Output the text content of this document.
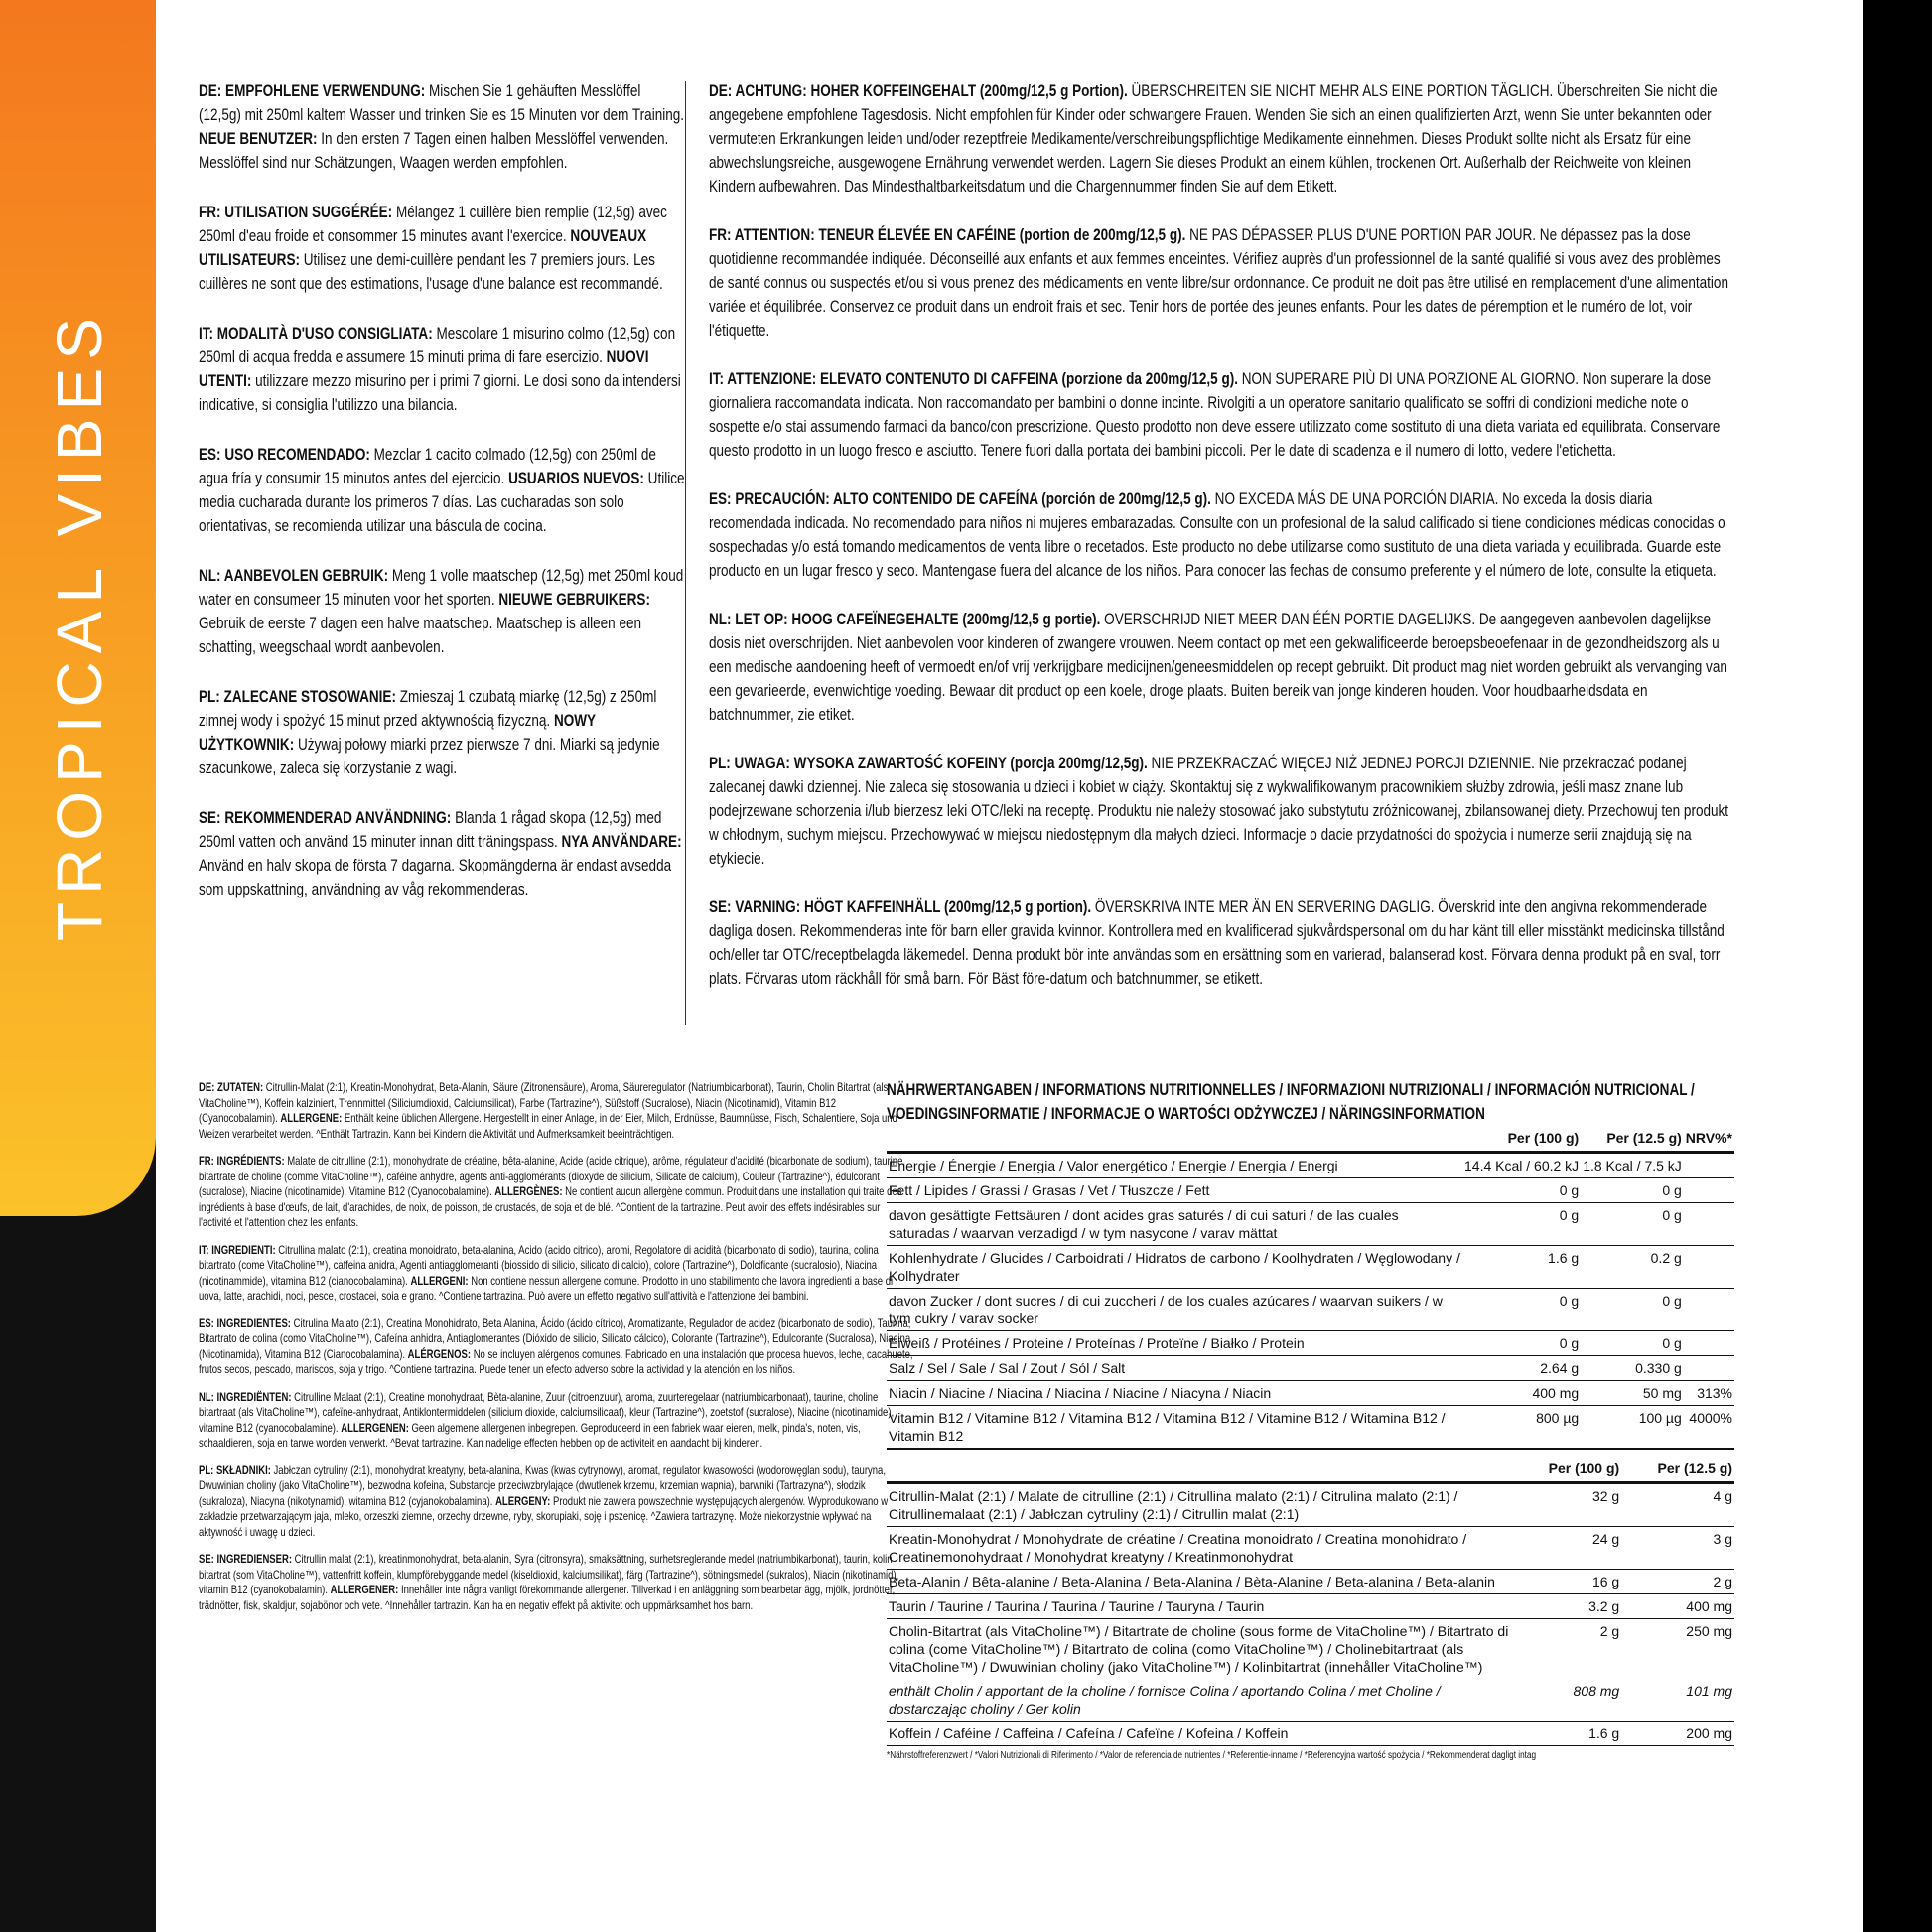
TROPICAL VIBES

DE: EMPFOHLENE VERWENDUNG: Mischen Sie 1 gehäuften Messlöffel (12,5g) mit 250ml kaltem Wasser und trinken Sie es 15 Minuten vor dem Training. NEUE BENUTZER: In den ersten 7 Tagen einen halben Messlöffel verwenden. Messlöffel sind nur Schätzungen, Waagen werden empfohlen.

FR: UTILISATION SUGGÉRÉE: Mélangez 1 cuillère bien remplie (12,5g) avec 250ml d'eau froide et consommer 15 minutes avant l'exercice. NOUVEAUX UTILISATEURS: Utilisez une demi-cuillère pendant les 7 premiers jours. Les cuillères ne sont que des estimations, l'usage d'une balance est recommandé.

IT: MODALITÀ D'USO CONSIGLIATA: Mescolare 1 misurino colmo (12,5g) con 250ml di acqua fredda e assumere 15 minuti prima di fare esercizio. NUOVI UTENTI: utilizzare mezzo misurino per i primi 7 giorni. Le dosi sono da intendersi indicative, si consiglia l'utilizzo una bilancia.

ES: USO RECOMENDADO: Mezclar 1 cacito colmado (12,5g) con 250ml de agua fría y consumir 15 minutos antes del ejercicio. USUARIOS NUEVOS: Utilice media cucharada durante los primeros 7 días. Las cucharadas son solo orientativas, se recomienda utilizar una báscula de cocina.

NL: AANBEVOLEN GEBRUIK: Meng 1 volle maatschep (12,5g) met 250ml koud water en consumeer 15 minuten voor het sporten. NIEUWE GEBRUIKERS: Gebruik de eerste 7 dagen een halve maatschep. Maatschep is alleen een schatting, weegschaal wordt aanbevolen.

PL: ZALECANE STOSOWANIE: Zmieszaj 1 czubatą miarkę (12,5g) z 250ml zimnej wody i spożyć 15 minut przed aktywnością fizyczną. NOWY UŻYTKOWNIK: Używaj połowy miarki przez pierwsze 7 dni. Miarki są jedynie szacunkowe, zaleca się korzystanie z wagi.

SE: REKOMMENDERAD ANVÄNDNING: Blanda 1 rågad skopa (12,5g) med 250ml vatten och använd 15 minuter innan ditt träningspass. NYA ANVÄNDARE: Använd en halv skopa de första 7 dagarna. Skopmängderna är endast avsedda som uppskattning, användning av våg rekommenderas.

DE: ACHTUNG: HOHER KOFFEINGEHALT (200mg/12,5 g Portion). ÜBERSCHREITEN SIE NICHT MEHR ALS EINE PORTION TÄGLICH. Überschreiten Sie nicht die angegebene empfohlene Tagesdosis. Nicht empfohlen für Kinder oder schwangere Frauen. Wenden Sie sich an einen qualifizierten Arzt, wenn Sie unter bekannten oder vermuteten Erkrankungen leiden und/oder rezeptfreie Medikamente/verschreibungspflichtige Medikamente einnehmen. Dieses Produkt sollte nicht als Ersatz für eine abwechslungsreiche, ausgewogene Ernährung verwendet werden. Lagern Sie dieses Produkt an einem kühlen, trockenen Ort. Außerhalb der Reichweite von kleinen Kindern aufbewahren. Das Mindesthaltbarkeitsdatum und die Chargennummer finden Sie auf dem Etikett.

FR: ATTENTION: TENEUR ÉLEVÉE EN CAFÉINE (portion de 200mg/12,5 g). NE PAS DÉPASSER PLUS D'UNE PORTION PAR JOUR. Ne dépassez pas la dose quotidienne recommandée indiquée. Déconseillé aux enfants et aux femmes enceintes. Vérifiez auprès d'un professionnel de la santé qualifié si vous avez des problèmes de santé connus ou suspectés et/ou si vous prenez des médicaments en vente libre/sur ordonnance. Ce produit ne doit pas être utilisé en remplacement d'une alimentation variée et équilibrée. Conservez ce produit dans un endroit frais et sec. Tenir hors de portée des jeunes enfants. Pour les dates de péremption et le numéro de lot, voir l'étiquette.

IT: ATTENZIONE: ELEVATO CONTENUTO DI CAFFEINA (porzione da 200mg/12,5 g). NON SUPERARE PIÙ DI UNA PORZIONE AL GIORNO. Non superare la dose giornaliera raccomandata indicata. Non raccomandato per bambini o donne incinte. Rivolgiti a un operatore sanitario qualificato se soffri di condizioni mediche note o sospette e/o stai assumendo farmaci da banco/con prescrizione. Questo prodotto non deve essere utilizzato come sostituto di una dieta variata ed equilibrata. Conservare questo prodotto in un luogo fresco e asciutto. Tenere fuori dalla portata dei bambini piccoli. Per le date di scadenza e il numero di lotto, vedere l'etichetta.

ES: PRECAUCIÓN: ALTO CONTENIDO DE CAFEÍNA (porción de 200mg/12,5 g). NO EXCEDA MÁS DE UNA PORCIÓN DIARIA. No exceda la dosis diaria recomendada indicada. No recomendado para niños ni mujeres embarazadas. Consulte con un profesional de la salud calificado si tiene condiciones médicas conocidas o sospechadas y/o está tomando medicamentos de venta libre o recetados. Este producto no debe utilizarse como sustituto de una dieta variada y equilibrada. Guarde este producto en un lugar fresco y seco. Mantengase fuera del alcance de los niños. Para conocer las fechas de consumo preferente y el número de lote, consulte la etiqueta.

NL: LET OP: HOOG CAFEÏNEGEHALTE (200mg/12,5 g portie). OVERSCHRIJD NIET MEER DAN ÉÉN PORTIE DAGELIJKS. De aangegeven aanbevolen dagelijkse dosis niet overschrijden. Niet aanbevolen voor kinderen of zwangere vrouwen. Neem contact op met een gekwalificeerde beroepsbeoefenaar in de gezondheidszorg als u een medische aandoening heeft of vermoedt en/of vrij verkrijgbare medicijnen/geneesmiddelen op recept gebruikt. Dit product mag niet worden gebruikt als vervanging van een gevarieerde, evenwichtige voeding. Bewaar dit product op een koele, droge plaats. Buiten bereik van jonge kinderen houden. Voor houdbaarheidsdata en batchnummer, zie etiket.

PL: UWAGA: WYSOKA ZAWARTOŚĆ KOFEINY (porcja 200mg/12,5g). NIE PRZEKRACZAĆ WIĘCEJ NIŻ JEDNEJ PORCJI DZIENNIE. Nie przekraczać podanej zalecanej dawki dziennej. Nie zaleca się stosowania u dzieci i kobiet w ciąży. Skontaktuj się z wykwalifikowanym pracownikiem służby zdrowia, jeśli masz znane lub podejrzewane schorzenia i/lub bierzesz leki OTC/leki na receptę. Produktu nie należy stosować jako substytutu zróżnicowanej, zbilansowanej diety. Przechowuj ten produkt w chłodnym, suchym miejscu. Przechowywać w miejscu niedostępnym dla małych dzieci. Informacje o dacie przydatności do spożycia i numerze serii znajdują się na etykiecie.

SE: VARNING: HÖGT KAFFEINHÄLL (200mg/12,5 g portion). ÖVERSKRIVA INTE MER ÄN EN SERVERING DAGLIG. Överskrid inte den angivna rekommenderade dagliga dosen. Rekommenderas inte för barn eller gravida kvinnor. Kontrollera med en kvalificerad sjukvårdspersonal om du har känt till eller misstänkt medicinska tillstånd och/eller tar OTC/receptbelagda läkemedel. Denna produkt bör inte användas som en ersättning som en varierad, balanserad kost. Förvara denna produkt på en sval, torr plats. Förvaras utom räckhåll för små barn. För Bäst före-datum och batchnummer, se etikett.

DE: ZUTATEN: Citrullin-Malat (2:1), Kreatin-Monohydrat, Beta-Alanin, Säure (Zitronensäure), Aroma, Säureregulator (Natriumbicarbonat), Taurin, Cholin Bitartrat (als VitaCholine™), Koffein kalziniert, Trennmittel (Siliciumdioxid, Calciumsilicat), Farbe (Tartrazine^), Süßstoff (Sucralose), Niacin (Nicotinamid), Vitamin B12 (Cyanocobalamin). ALLERGENE: Enthält keine üblichen Allergene. Hergestellt in einer Anlage, in der Eier, Milch, Erdnüsse, Baumnüsse, Fisch, Schalentiere, Soja und Weizen verarbeitet werden. ^Enthält Tartrazin. Kann bei Kindern die Aktivität und Aufmerksamkeit beeinträchtigen.

FR: INGRÉDIENTS: Malate de citrulline (2:1), monohydrate de créatine, bêta-alanine, Acide (acide citrique), arôme, régulateur d'acidité (bicarbonate de sodium), taurine, bitartrate de choline (comme VitaCholine™), caféine anhydre, agents anti-agglomérants (dioxyde de silicium, Silicate de calcium), Couleur (Tartrazine^), édulcorant (sucralose), Niacine (nicotinamide), Vitamine B12 (Cyanocobalamine). ALLERGÈNES: Ne contient aucun allergène commun. Produit dans une installation qui traite des ingrédients à base d'œufs, de lait, d'arachides, de noix, de poisson, de crustacés, de soja et de blé. ^Contient de la tartrazine. Peut avoir des effets indésirables sur l'activité et l'attention chez les enfants.

IT: INGREDIENTI: Citrullina malato (2:1), creatina monoidrato, beta-alanina, Acido (acido citrico), aromi, Regolatore di acidità (bicarbonato di sodio), taurina, colina bitartrato (come VitaCholine™), caffeina anidra, Agenti antiagglomeranti (biossido di silicio, silicato di calcio), colore (Tartrazine^), Dolcificante (sucralosio), Niacina (nicotinammide), vitamina B12 (cianocobalamina). ALLERGENI: Non contiene nessun allergene comune. Prodotto in uno stabilimento che lavora ingredienti a base di uova, latte, arachidi, noci, pesce, crostacei, soia e grano. ^Contiene tartrazina. Può avere un effetto negativo sull'attività e l'attenzione dei bambini.

ES: INGREDIENTES: Citrulina Malato (2:1), Creatina Monohidrato, Beta Alanina, Ácido (ácido cítrico), Aromatizante, Regulador de acidez (bicarbonato de sodio), Taurina, Bitartrato de colina (como VitaCholine™), Cafeína anhidra, Antiaglomerantes (Dióxido de silicio, Silicato cálcico), Colorante (Tartrazine^), Edulcorante (Sucralosa), Niacina (Nicotinamida), Vitamina B12 (Cianocobalamina). ALÉRGENOS: No se incluyen alérgenos comunes. Fabricado en una instalación que procesa huevos, leche, cacahuete, frutos secos, pescado, mariscos, soja y trigo. ^Contiene tartrazina. Puede tener un efecto adverso sobre la actividad y la atención en los niños.

NL: INGREDIËNTEN: Citrulline Malaat (2:1), Creatine monohydraat, Bèta-alanine, Zuur (citroenzuur), aroma, zuurteregelaar (natriumbicarbonaat), taurine, choline bitartraat (als VitaCholine™), cafeïne-anhydraat, Antiklontermiddelen (silicium dioxide, calciumsilicaat), kleur (Tartrazine^), zoetstof (sucralose), Niacine (nicotinamide), vitamine B12 (cyanocobalamine). ALLERGENEN: Geen algemene allergenen inbegrepen. Geproduceerd in een fabriek waar eieren, melk, pinda's, noten, vis, schaaldieren, soja en tarwe worden verwerkt. ^Bevat tartrazine. Kan nadelige effecten hebben op de activiteit en aandacht bij kinderen.

PL: SKŁADNIKI: Jabłczan cytruliny (2:1), monohydrat kreatyny, beta-alanina, Kwas (kwas cytrynowy), aromat, regulator kwasowości (wodorowęglan sodu), tauryna, Dwuwinian choliny (jako VitaCholine™), bezwodna kofeina, Substancje przeciwzbrylające (dwutlenek krzemu, krzemian wapnia), barwniki (Tartrazyna^), słodzik (sukraloza), Niacyna (nikotynamid), witamina B12 (cyjanokobalamina). ALERGENY: Produkt nie zawiera powszechnie występujących alergenów. Wyprodukowano w zakładzie przetwarzającym jaja, mleko, orzeszki ziemne, orzechy drzewne, ryby, skorupiaki, soję i pszenicę. ^Zawiera tartrazynę. Może niekorzystnie wpływać na aktywność i uwagę u dzieci.

SE: INGREDIENSER: Citrullin malat (2:1), kreatinmonohydrat, beta-alanin, Syra (citronsyra), smaksättning, surhetsreglerande medel (natriumbikarbonat), taurin, kolin bitartrat (som VitaCholine™), vattenfritt koffein, klumpförebyggande medel (kiseldioxid, kalciumsilikat), färg (Tartrazine^), sötningsmedel (sukralos), Niacin (nikotinamid), vitamin B12 (cyanokobalamin). ALLERGENER: Innehåller inte några vanligt förekommande allergener. Tillverkad i en anläggning som bearbetar ägg, mjölk, jordnötter, trädnötter, fisk, skaldjur, sojabönor och vete. ^Innehåller tartrazin. Kan ha en negativ effekt på aktivitet och uppmärksamhet hos barn.

NÄHRWERTANGABEN / INFORMATIONS NUTRITIONNELLES / INFORMAZIONI NUTRIZIONALI / INFORMACIÓN NUTRICIONAL / VOEDINGSINFORMATIE / INFORMACJE O WARTOŚCI ODŻYWCZEJ / NÄRINGSINFORMATION
	Per (100 g)	Per (12.5 g)	NRV%*
Energie / Énergie / Energia / Valor energético / Energie / Energia / Energi	14.4 Kcal / 60.2 kJ	1.8 Kcal / 7.5 kJ	
Fett / Lipides / Grassi / Grasas / Vet / Tłuszcze / Fett	0 g	0 g	
davon gesättigte Fettsäuren / dont acides gras saturés / di cui saturi / de las cuales saturadas / waarvan verzadigd / w tym nasycone / varav mättat	0 g	0 g	
Kohlenhydrate / Glucides / Carboidrati / Hidratos de carbono / Koolhydraten / Węglowodany / Kolhydrater	1.6 g	0.2 g	
davon Zucker / dont sucres / di cui zuccheri / de los cuales azúcares / waarvan suikers / w tym cukry / varav socker	0 g	0 g	
Eiweiß / Protéines / Proteine / Proteínas / Proteïne / Białko / Protein	0 g	0 g	
Salz / Sel / Sale / Sal / Zout / Sól / Salt	2.64 g	0.330 g	
Niacin / Niacine / Niacina / Niacina / Niacine / Niacyna / Niacin	400 mg	50 mg	313%
Vitamin B12 / Vitamine B12 / Vitamina B12 / Vitamina B12 / Vitamine B12 / Witamina B12 / Vitamin B12	800 µg	100 µg	4000%
	Per (100 g)	Per (12.5 g)
Citrullin-Malat (2:1) / Malate de citrulline (2:1) / Citrullina malato (2:1) / Citrulina malato (2:1) / Citrullinemalaat (2:1) / Jabłczan cytruliny (2:1) / Citrullin malat (2:1)	32 g	4 g
Kreatin-Monohydrat / Monohydrate de créatine / Creatina monoidrato / Creatina monohidrato / Creatinemonohydraat / Monohydrat kreatyny / Kreatinmonohydrat	24 g	3 g
Beta-Alanin / Bêta-alanine / Beta-Alanina / Beta-Alanina / Bèta-Alanine / Beta-alanina / Beta-alanin	16 g	2 g
Taurin / Taurine / Taurina / Taurina / Taurine / Tauryna / Taurin	3.2 g	400 mg
Cholin-Bitartrat (als VitaCholine™) / Bitartrate de choline (sous forme de VitaCholine™) / Bitartrato di colina (come VitaCholine™) / Bitartrato de colina (como VitaCholine™) / Cholinebitartraat (als VitaCholine™) / Dwuwinian choliny (jako VitaCholine™) / Kolinbitartrat (innehåller VitaCholine™)	2 g	250 mg
enthält Cholin / apportant de la choline / fornisce Colina / aportando Colina / met Choline / dostarczając choliny / Ger kolin	808 mg	101 mg
Koffein / Caféine / Caffeina / Cafeína / Cafeïne / Kofeina / Koffein	1.6 g	200 mg
*Nährstoffreferenzwert / *Valori Nutrizionali di Riferimento / *Valor de referencia de nutrientes / *Referentie-inname / *Referencyjna wartość spożycia / *Rekommenderat dagligt intag
